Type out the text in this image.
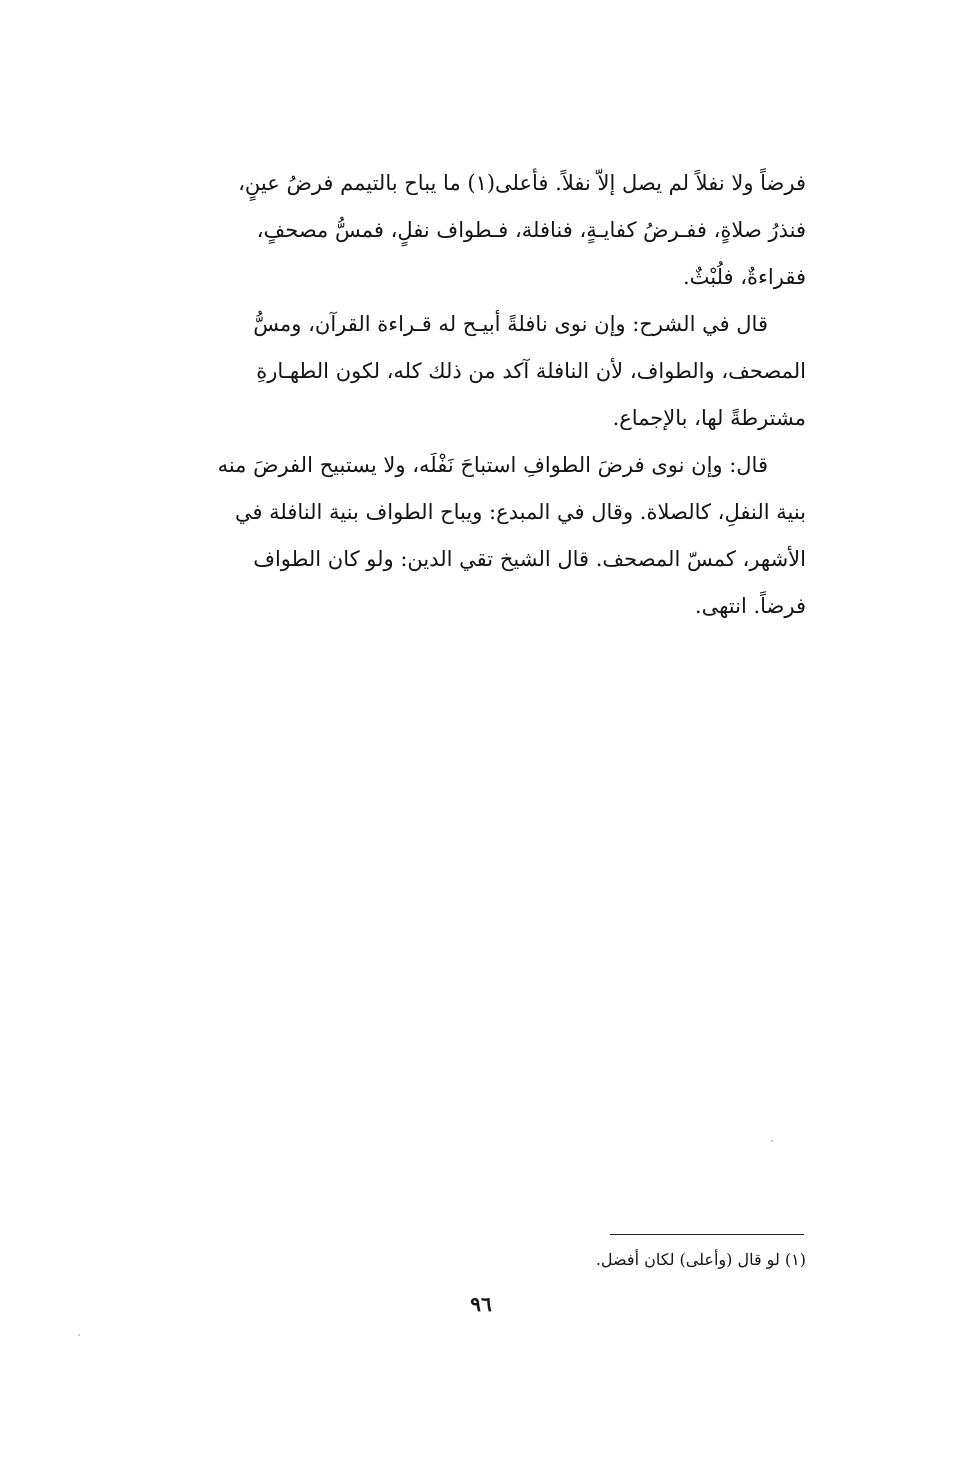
فرضاً ولا نفلاً لم يصل إلاّ نفلاً. فأعلى(١) ما يباح بالتيمم فرضُ عينٍ،
فنذرُ صلاةٍ، ففـرضُ كفايـةٍ، فنافلة، فـطواف نفلٍ، فمسُّ مصحفٍ،
فقراءةٌ، فلُبْثٌ.

قال في الشرح: وإن نوى نافلةً أبيـح له قـراءة القرآن، ومسُّ
المصحف، والطواف، لأن النافلة آكد من ذلك كله، لكون الطهـارةِ
مشترطةً لها، بالإجماع.

قال: وإن نوى فرضَ الطوافِ استباحَ نَفْلَه، ولا يستبيح الفرضَ منه
بنية النفلِ، كالصلاة. وقال في المبدع: ويباح الطواف بنية النافلة في
الأشهر، كمسّ المصحف. قال الشيخ تقي الدين: ولو كان الطواف
فرضاً. انتهى.

(١) لو قال (وأعلى) لكان أفضل.
٩٦
